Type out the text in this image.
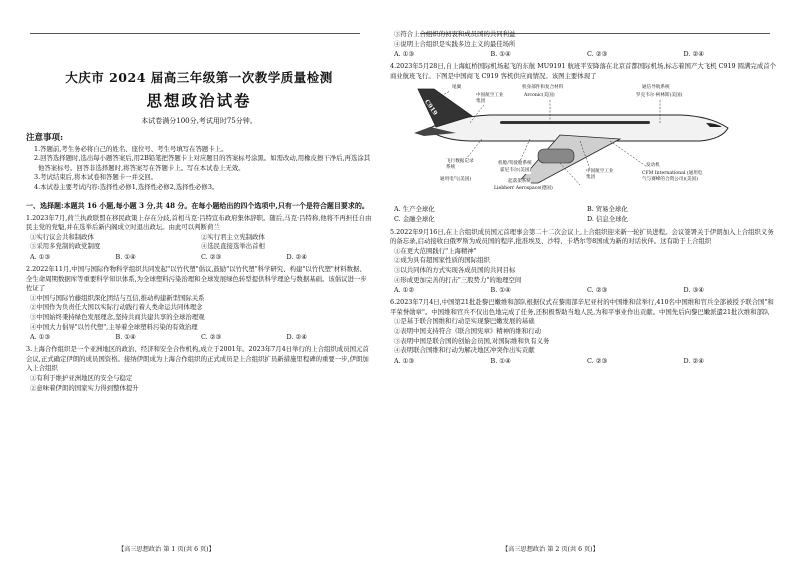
大庆市 2024 届高三年级第一次教学质量检测
思想政治试卷
本试卷满分100分,考试用时75分钟。
注意事项:
1.答题前,考生务必将自己的姓名、座位号、考生号填写在答题卡上。
2.回答选择题时,选出每小题答案后,用2B铅笔把答题卡上对应题目的答案标号涂黑。如需改动,用橡皮擦干净后,再选涂其他答案标号。回答非选择题时,将答案写在答题卡上。写在本试卷上无效。
3.考试结束后,将本试卷和答题卡一并交回。
4.本试卷主要考试内容:选择性必修1,选择性必修2,选择性必修3。
一、选择题:本题共 16 小题,每小题 3 分,共 48 分。在每小题给出的四个选项中,只有一个是符合题目要求的。
1.2023年7月,荷兰执政联盟在移民政策上存在分歧,首相马克·吕特宣布政府集体辞职。随后,马克·吕特称,他将不再担任自由民主党的党魁,并在选举后新内阁成立时退出政坛。由此可以判断荷兰
①实行议会共和制政体	②实行君主立宪制政体
③采用多党制的政党制度	④选民直接选举出首相
A. ①③	B. ①④	C. ②③	D. ②④
2.2022年11月,中国与国际作物科学组织共同发起"以竹代塑"倡议,鼓励"以竹代塑"科学研究、构建"以竹代塑"材料数据、全生命周期数据库等重要科学知识体系,为全球塑料污染治理和全球发展绿色转型提供科学理论与数据基础。该倡议进一步佐证了
①中国与国际竹藤组织深化团结与互信,推动构建新型国际关系
②中国作为负责任大国以实际行动践行着人类命运共同体理念
③中国始终秉持绿色发展理念,坚持共商共建共享的全球治理观
④中国大力倡导"以竹代塑",主导着全球塑料污染的有效治理
A. ①③	B. ①④	C. ②③	D. ②④
3.上海合作组织是一个亚洲地区的政治、经济和安全合作机构,成立于2001年。2023年7月4日举行的上合组织成员国元首会议,正式确定伊朗的成员国资格。接纳伊朗成为上海合作组织的正式成员是上合组织扩员新措施里程碑的重要一步,伊朗加入上合组织
①有利于维护亚洲地区的安全与稳定
②意味着伊朗的国家实力得到整体提升
【高三思想政治 第 1 页(共 6 页)】
③符合上合组织的初衷和成员国的共同利益
④说明上合组织是实践多边主义的最佳场所
A. ①③	B. ①④	C. ②③	D. ②④
4.2023年5月28日,自上海虹桥国际机场起飞的东航 MU9191 航班平安降落在北京首都国际机场,标志着国产大飞机 C919 圆满完成首个商业航班飞行。下图是中国商飞 C919 客机供应商情况。该图主要体现了
C919
尾翼
中国航空工业集团
机身部件和复合材料
Arconic(美国)
通信导航系统
罗克韦尔·柯林斯(美国)
飞行数据记录系统
通用电气(美国)
机舱/驾驶舱系统
霍尼韦尔(美国)
起落架系统
Liebherr Aerospace(德国)
中国航空工业集团
发动机
CFM International (通用电气与赛峰的合资公司)(美国)
A. 生产全球化	B. 贸易全球化
C. 金融全球化	D. 信息全球化
5.2022年9月16日,在上合组织成员国元首理事会第二十二次会议上,上合组织迎来新一轮扩员进程。会议签署关于伊朗加入上合组织义务的备忘录,启动接收白俄罗斯为成员国的程序,批准埃及、沙特、卡塔尔等8国成为新的对话伙伴。这有助于上合组织
①在更大范围践行"上海精神"
②成为具有超国家性质的国际组织
③以共同体的方式实现各成员国的共同目标
④形成更加完善的打击"三股势力"的地理空间
A. ①②	B. ①④	C. ②③	D. ③④
6.2023年7月4日,中国第21批赴黎巴嫩维和部队根据仪式在黎南部辛尼亚村的中国维和营举行,410名中国维和官兵全部被授予联合国"和平荣誉勋章"。中国维和官兵不仅出色地完成了任务,还积极帮助当地人民,为和平事业作出贡献。中国先后向黎巴嫩派遣21批次维和部队
①是基于联合国维和行动是实现黎巴嫩发展的基础
②表明中国支持符合《联合国宪章》精神的维和行动
③表明中国是联合国的创始会员国,对国际维和负有义务
④表明联合国维和行动为解决地区冲突作出实贡献
A. ①③	B. ①④	C. ②③	D. ②④
【高三思想政治 第 2 页(共 6 页)】
